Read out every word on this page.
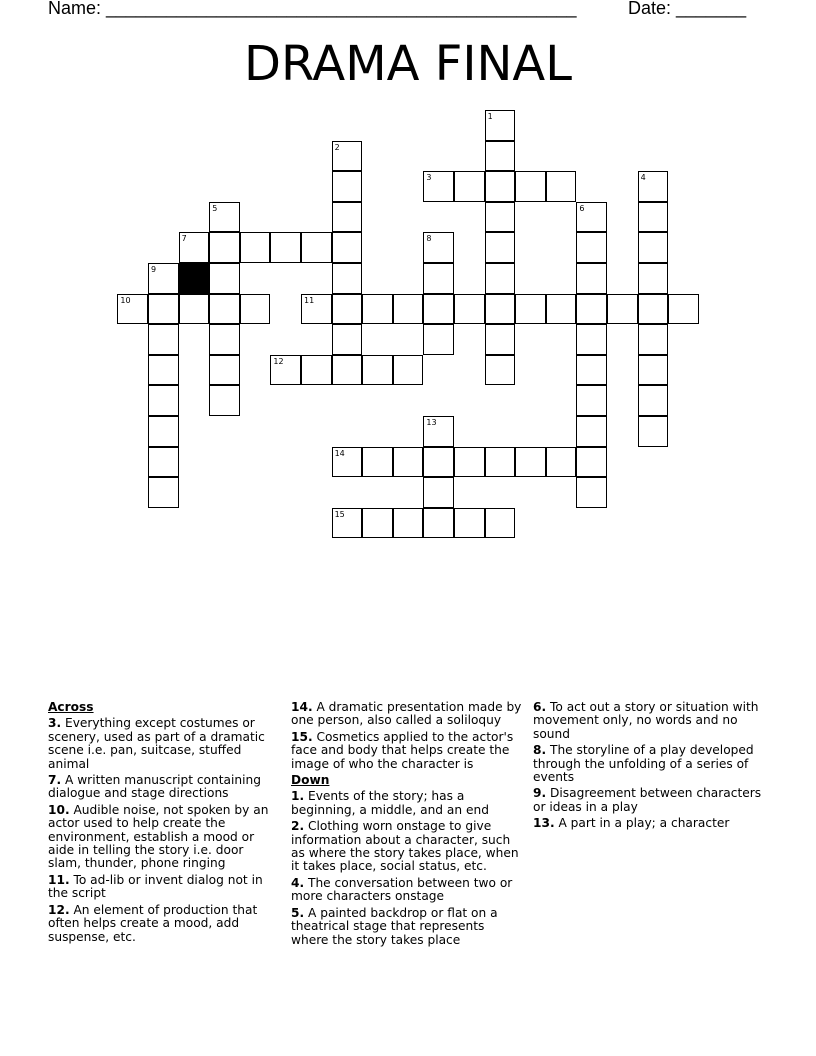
Name: _______________________________________________	Date: _______
DRAMA FINAL
3
7
10	11
12
14
15
1
2
4
5	6
8
9
13
Across
3. Everything except costumes or scenery, used as part of a dramatic scene i.e. pan, suitcase, stuffed animal
7. A written manuscript containing dialogue and stage directions
10. Audible noise, not spoken by an actor used to help create the environment, establish a mood or aide in telling the story i.e. door slam, thunder, phone ringing
11. To ad-lib or invent dialog not in the script
12. An element of production that often helps create a mood, add suspense, etc.
14. A dramatic presentation made by one person, also called a soliloquy
15. Cosmetics applied to the actor's face and body that helps create the image of who the character is
Down
1. Events of the story; has a beginning, a middle, and an end
2. Clothing worn onstage to give information about a character, such as where the story takes place, when it takes place, social status, etc.
4. The conversation between two or more characters onstage
5. A painted backdrop or flat on a theatrical stage that represents where the story takes place
6. To act out a story or situation with movement only, no words and no sound
8. The storyline of a play developed through the unfolding of a series of events
9. Disagreement between characters or ideas in a play
13. A part in a play; a character
